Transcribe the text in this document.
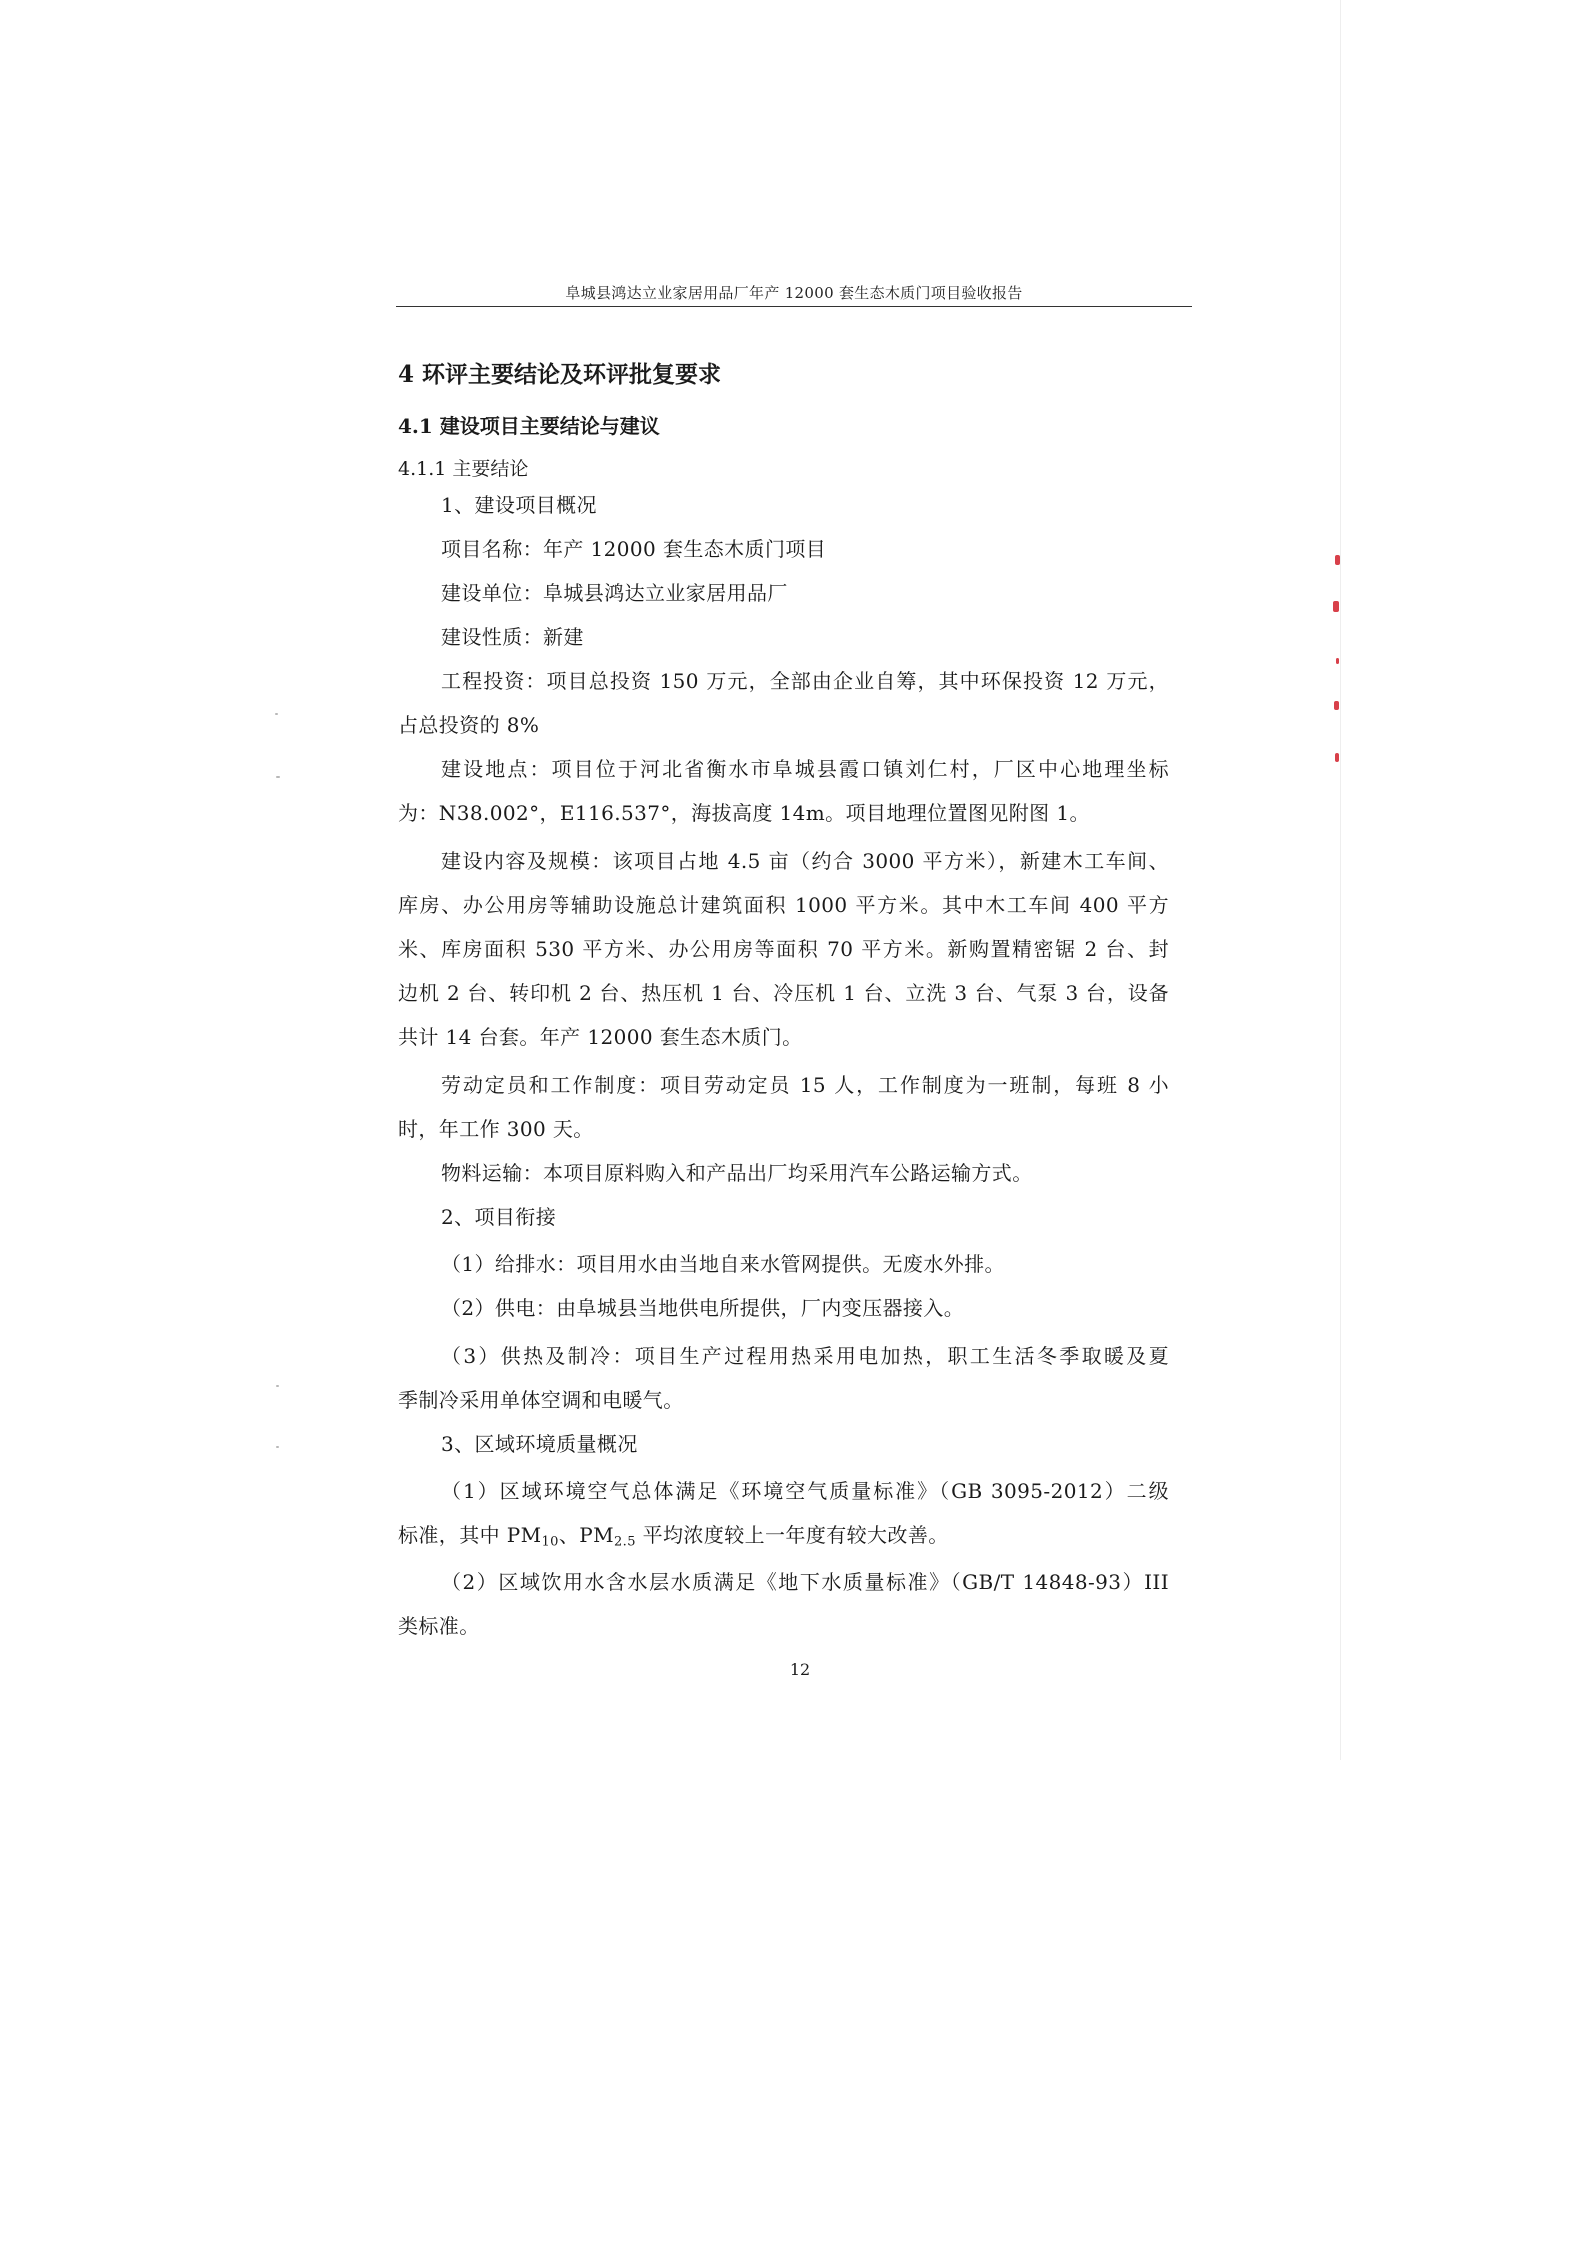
阜城县鸿达立业家居用品厂年产 12000 套生态木质门项目验收报告
4 环评主要结论及环评批复要求
4.1 建设项目主要结论与建议
4.1.1 主要结论
1、建设项目概况
项目名称：年产 12000 套生态木质门项目
建设单位：阜城县鸿达立业家居用品厂
建设性质：新建
工程投资：项目总投资 150 万元，全部由企业自筹，其中环保投资 12 万元，
占总投资的 8%
建设地点：项目位于河北省衡水市阜城县霞口镇刘仁村，厂区中心地理坐标
为：N38.002°，E116.537°，海拔高度 14m。项目地理位置图见附图 1。
建设内容及规模：该项目占地 4.5 亩（约合 3000 平方米），新建木工车间、
库房、办公用房等辅助设施总计建筑面积 1000 平方米。其中木工车间 400 平方
米、库房面积 530 平方米、办公用房等面积 70 平方米。新购置精密锯 2 台、封
边机 2 台、转印机 2 台、热压机 1 台、冷压机 1 台、立洗 3 台、气泵 3 台，设备
共计 14 台套。年产 12000 套生态木质门。
劳动定员和工作制度：项目劳动定员 15 人，工作制度为一班制，每班 8 小
时，年工作 300 天。
物料运输：本项目原料购入和产品出厂均采用汽车公路运输方式。
2、项目衔接
（1）给排水：项目用水由当地自来水管网提供。无废水外排。
（2）供电：由阜城县当地供电所提供，厂内变压器接入。
（3）供热及制冷：项目生产过程用热采用电加热，职工生活冬季取暖及夏
季制冷采用单体空调和电暖气。
3、区域环境质量概况
（1）区域环境空气总体满足《环境空气质量标准》（GB 3095-2012）二级
标准，其中 $PM_{10}$、$PM_{2.5}$ 平均浓度较上一年度有较大改善。
（2）区域饮用水含水层水质满足《地下水质量标准》（GB/T 14848-93）III
类标准。
12
